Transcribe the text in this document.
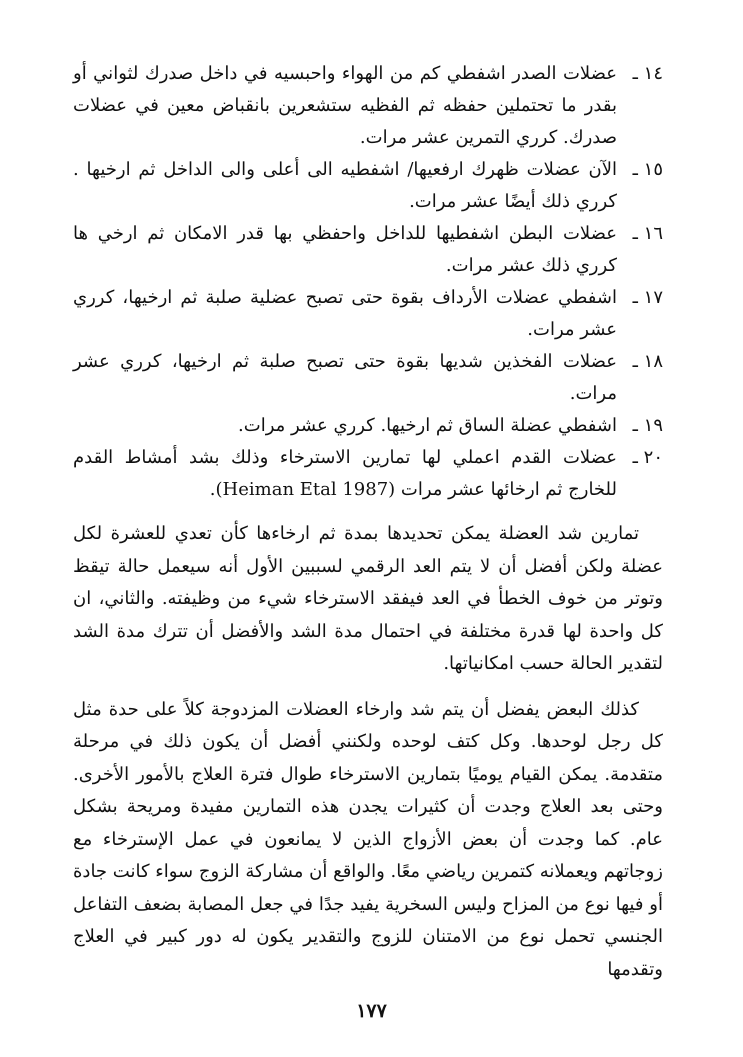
١٤ ـ
عضلات الصدر اشفطي كم من الهواء واحبسيه في داخل صدرك لثواني أو بقدر ما تحتملين حفظه ثم الفظيه ستشعرين بانقباض معين في عضلات صدرك. كرري التمرين عشر مرات.
١٥ ـ
الآن عضلات ظهرك ارفعيها/ اشفطيه الى أعلى والى الداخل ثم ارخيها . كرري ذلك أيضًا عشر مرات.
١٦ ـ
عضلات البطن اشفطيها للداخل واحفظي بها قدر الامكان ثم ارخي ها كرري ذلك عشر مرات.
١٧ ـ
اشفطي عضلات الأرداف بقوة حتى تصبح عضلية صلبة ثم ارخيها، كرري عشر مرات.
١٨ ـ
عضلات الفخذين شديها بقوة حتى تصبح صلبة ثم ارخيها، كرري عشر مرات.
١٩ ـ
اشفطي عضلة الساق ثم ارخيها. كرري عشر مرات.
٢٠ ـ
عضلات القدم اعملي لها تمارين الاسترخاء وذلك بشد أمشاط القدم للخارج ثم ارخائها عشر مرات (Heiman Etal 1987).

تمارين شد العضلة يمكن تحديدها بمدة ثم ارخاءها كأن تعدي للعشرة لكل عضلة ولكن أفضل أن لا يتم العد الرقمي لسببين الأول أنه سيعمل حالة تيقظ وتوتر من خوف الخطأ في العد فيفقد الاسترخاء شيء من وظيفته. والثاني، ان كل واحدة لها قدرة مختلفة في احتمال مدة الشد والأفضل أن تترك مدة الشد لتقدير الحالة حسب امكانياتها.

كذلك البعض يفضل أن يتم شد وارخاء العضلات المزدوجة كلاً على حدة مثل كل رجل لوحدها. وكل كتف لوحده ولكنني أفضل أن يكون ذلك في مرحلة متقدمة. يمكن القيام يوميًا بتمارين الاسترخاء طوال فترة العلاج بالأمور الأخرى. وحتى بعد العلاج وجدت أن كثيرات يجدن هذه التمارين مفيدة ومريحة بشكل عام. كما وجدت أن بعض الأزواج الذين لا يمانعون في عمل الإسترخاء مع زوجاتهم ويعملانه كتمرين رياضي معًا. والواقع أن مشاركة الزوج سواء كانت جادة أو فيها نوع من المزاح وليس السخرية يفيد جدًا في جعل المصابة بضعف التفاعل الجنسي تحمل نوع من الامتنان للزوج والتقدير يكون له دور كبير في العلاج وتقدمها

١٧٧
